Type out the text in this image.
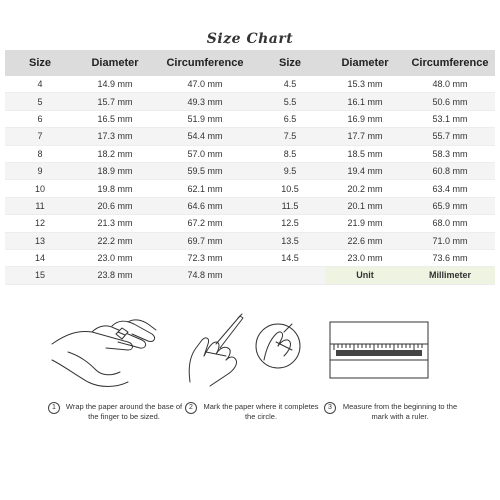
Size Chart
Size	Diameter	Circumference	Size	Diameter	Circumference
4	14.9 mm	47.0 mm	4.5	15.3 mm	48.0 mm
5	15.7 mm	49.3 mm	5.5	16.1 mm	50.6 mm
6	16.5 mm	51.9 mm	6.5	16.9 mm	53.1 mm
7	17.3 mm	54.4 mm	7.5	17.7 mm	55.7 mm
8	18.2 mm	57.0 mm	8.5	18.5 mm	58.3 mm
9	18.9 mm	59.5 mm	9.5	19.4 mm	60.8 mm
10	19.8 mm	62.1 mm	10.5	20.2 mm	63.4 mm
11	20.6 mm	64.6 mm	11.5	20.1 mm	65.9 mm
12	21.3 mm	67.2 mm	12.5	21.9 mm	68.0 mm
13	22.2 mm	69.7 mm	13.5	22.6 mm	71.0 mm
14	23.0 mm	72.3 mm	14.5	23.0 mm	73.6 mm
15	23.8 mm	74.8 mm		Unit	Millimeter
1	Wrap the paper around the base of the finger to be sized.
2	Mark the paper where it completes the circle.
3	Measure from the beginning to the mark with a ruler.
